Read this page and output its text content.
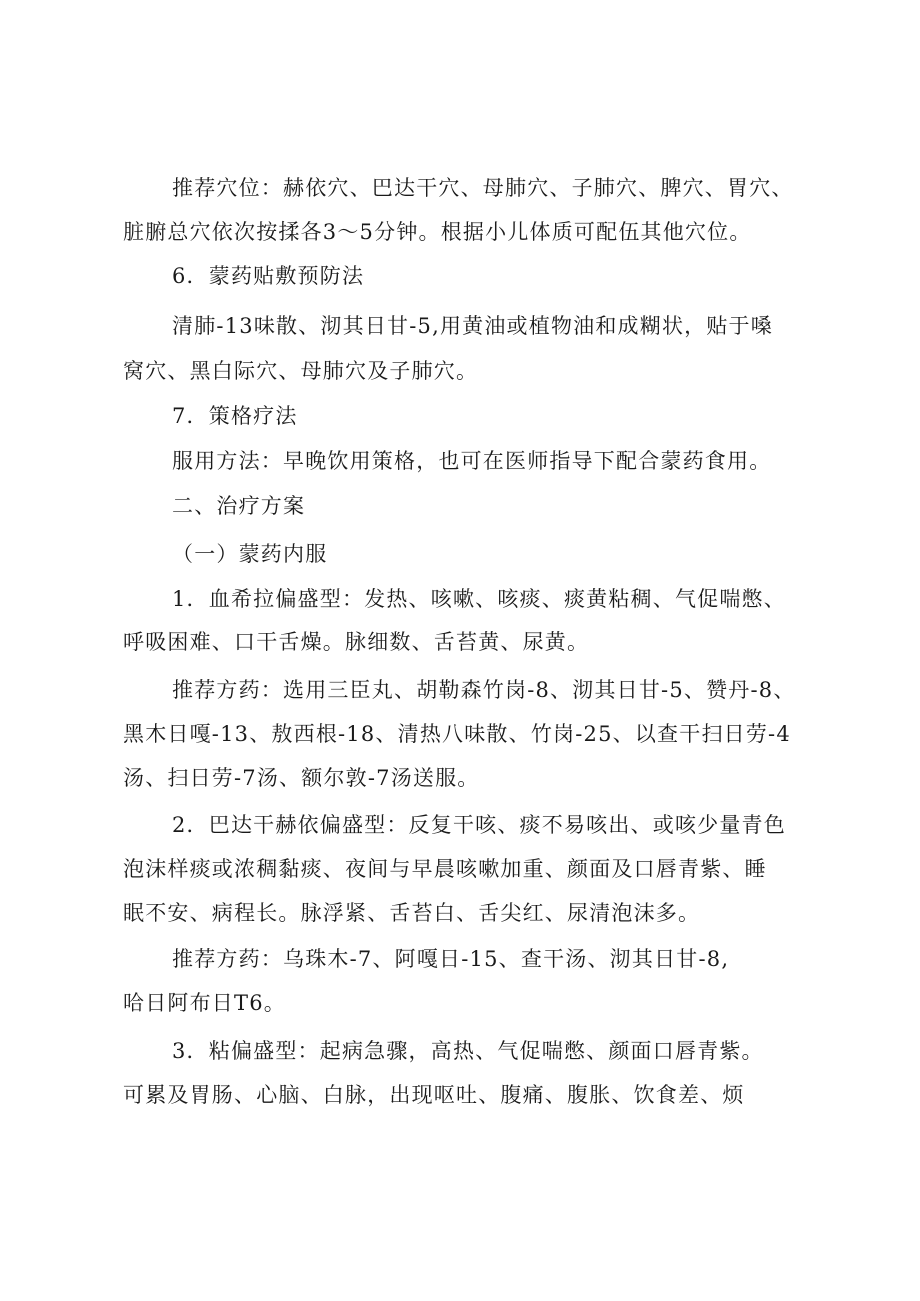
推荐穴位：赫依穴、巴达干穴、母肺穴、子肺穴、脾穴、胃穴、
脏腑总穴依次按揉各3～5分钟。根据小儿体质可配伍其他穴位。
6．蒙药贴敷预防法
清肺-13味散、沏其日甘-5,用黄油或植物油和成糊状，贴于嗓
窝穴、黑白际穴、母肺穴及子肺穴。
7．策格疗法
服用方法：早晚饮用策格，也可在医师指导下配合蒙药食用。
二、治疗方案
（一）蒙药内服
1．血希拉偏盛型：发热、咳嗽、咳痰、痰黄粘稠、气促喘憋、
呼吸困难、口干舌燥。脉细数、舌苔黄、尿黄。
推荐方药：选用三臣丸、胡勒森竹岗-8、沏其日甘-5、赞丹-8、
黑木日嘎-13、敖西根-18、清热八味散、竹岗-25、以查干扫日劳-4
汤、扫日劳-7汤、额尔敦-7汤送服。
2．巴达干赫依偏盛型：反复干咳、痰不易咳出、或咳少量青色
泡沫样痰或浓稠黏痰、夜间与早晨咳嗽加重、颜面及口唇青紫、睡
眠不安、病程长。脉浮紧、舌苔白、舌尖红、尿清泡沫多。
推荐方药：乌珠木-7、阿嘎日-15、查干汤、沏其日甘-8,
哈日阿布日T6。
3．粘偏盛型：起病急骤，高热、气促喘憋、颜面口唇青紫。
可累及胃肠、心脑、白脉，出现呕吐、腹痛、腹胀、饮食差、烦
